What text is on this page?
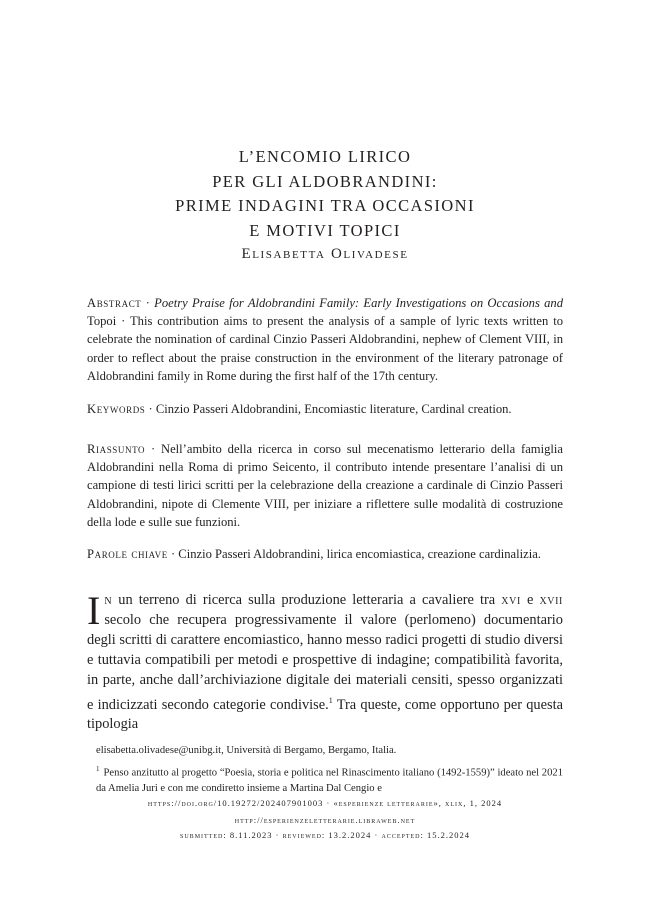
L’ENCOMIO LIRICO
PER GLI ALDOBRANDINI:
PRIME INDAGINI TRA OCCASIONI
E MOTIVI TOPICI
Elisabetta Olivadese
Abstract · Poetry Praise for Aldobrandini Family: Early Investigations on Occasions and Topoi · This contribution aims to present the analysis of a sample of lyric texts written to celebrate the nomination of cardinal Cinzio Passeri Aldobrandini, nephew of Clement VIII, in order to reflect about the praise construction in the environment of the literary patronage of Aldobrandini family in Rome during the first half of the 17th century.
Keywords · Cinzio Passeri Aldobrandini, Encomiastic literature, Cardinal creation.
Riassunto · Nell’ambito della ricerca in corso sul mecenatismo letterario della famiglia Aldobrandini nella Roma di primo Seicento, il contributo intende presentare l’analisi di un campione di testi lirici scritti per la celebrazione della creazione a cardinale di Cinzio Passeri Aldobrandini, nipote di Clemente VIII, per iniziare a riflettere sulle modalità di costruzione della lode e sulle sue funzioni.
Parole chiave · Cinzio Passeri Aldobrandini, lirica encomiastica, creazione cardinalizia.
In un terreno di ricerca sulla produzione letteraria a cavaliere tra xvi e xvii secolo che recupera progressivamente il valore (perlomeno) documentario degli scritti di carattere encomiastico, hanno messo radici progetti di studio diversi e tuttavia compatibili per metodi e prospettive di indagine; compatibilità favorita, in parte, anche dall’archiviazione digitale dei materiali censiti, spesso organizzati e indicizzati secondo categorie condivise.$^1$ Tra queste, come opportuno per questa tipologia
elisabetta.olivadese@unibg.it, Università di Bergamo, Bergamo, Italia.
$^1$ Penso anzitutto al progetto “Poesia, storia e politica nel Rinascimento italiano (1492-1559)” ideato nel 2021 da Amelia Juri e con me condiretto insieme a Martina Dal Cengio e
https://doi.org/10.19272/202407901003 · «esperienze letterarie», xlix, 1, 2024
http://esperienzeletterarie.libraweb.net
submitted: 8.11.2023 · reviewed: 13.2.2024 · accepted: 15.2.2024
